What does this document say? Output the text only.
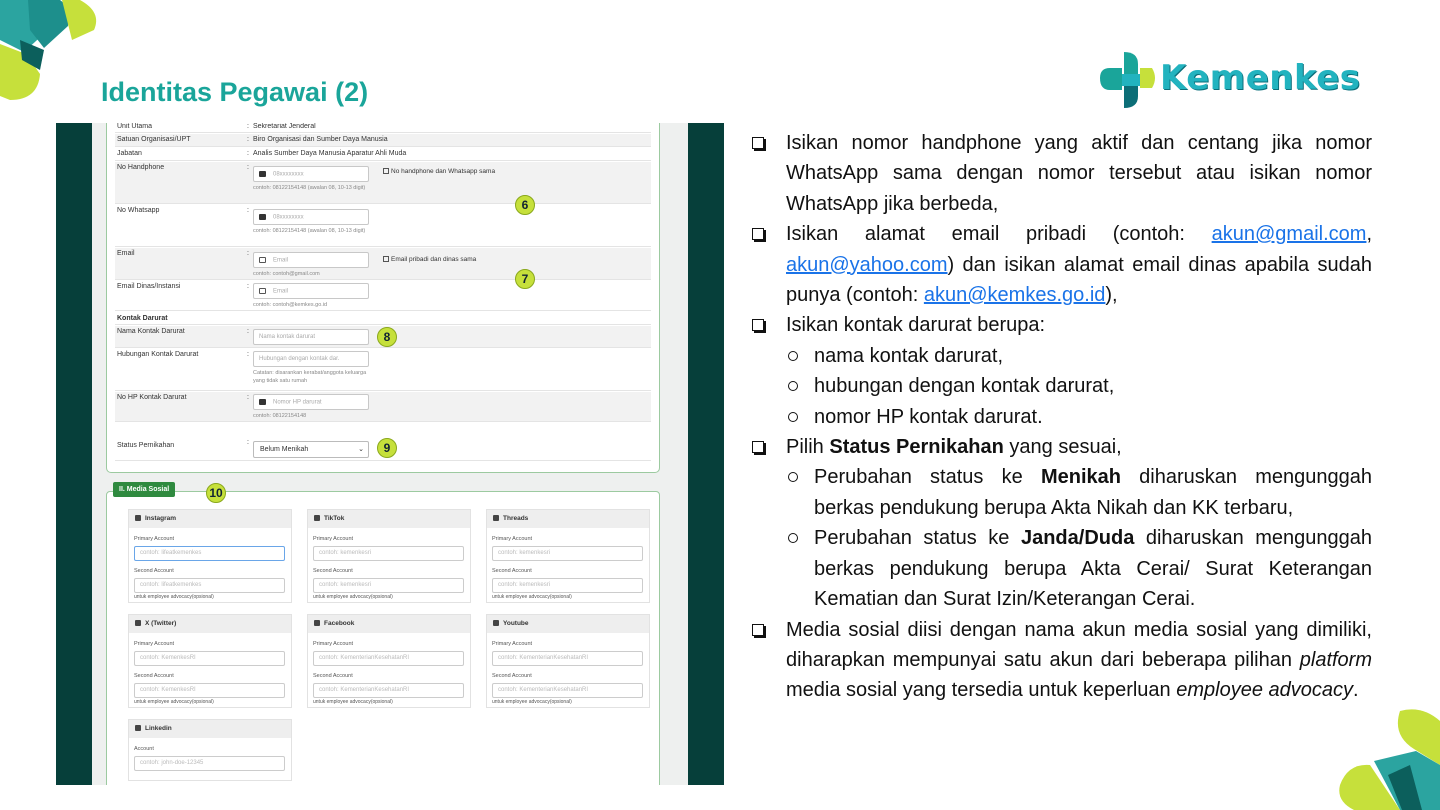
Identitas Pegawai (2)	Kemenkes
Unit Utama	: Sekretariat Jenderal
Satuan Organisasi/UPT	: Biro Organisasi dan Sumber Daya Manusia
Jabatan	: Analis Sumber Daya Manusia Aparatur Ahli Muda
No Handphone	:
08xxxxxxxx
contoh: 08122154148 (awalan 08, 10-13 digit)
No handphone dan Whatsapp sama
No Whatsapp	:
08xxxxxxxx
contoh: 08122154148 (awalan 08, 10-13 digit)
6
Email	:
Email
contoh: contoh@gmail.com
Email pribadi dan dinas sama
7
Email Dinas/Instansi	:
Email
contoh: contoh@kemkes.go.id
Kontak Darurat
Nama Kontak Darurat	:
Nama kontak darurat	8
Hubungan Kontak Darurat	:
Hubungan dengan kontak dar.
Catatan: disarankan kerabat/anggota keluarga yang tidak satu rumah
No HP Kontak Darurat	:
Nomor HP darurat
contoh: 08122154148
Status Pernikahan	:
Belum Menikah	⌄	9
II. Media Sosial	10
Instagram
Primary Account
contoh: lifeatkemenkes
Second Account
contoh: lifeatkemenkes
untuk employee advocacy(opsional)
TikTok
Primary Account
contoh: kemenkesri
Second Account
contoh: kemenkesri
untuk employee advocacy(opsional)
Threads
Primary Account
contoh: kemenkesri
Second Account
contoh: kemenkesri
untuk employee advocacy(opsional)
X (Twitter)
Primary Account
contoh: KemenkesRI
Second Account
contoh: KemenkesRI
untuk employee advocacy(opsional)
Facebook
Primary Account
contoh: KementerianKesehatanRI
Second Account
contoh: KementerianKesehatanRI
untuk employee advocacy(opsional)
Youtube
Primary Account
contoh: KementerianKesehatanRI
Second Account
contoh: KementerianKesehatanRI
untuk employee advocacy(opsional)
Linkedin
Account
contoh: john-doe-12345
Isikan nomor handphone yang aktif dan centang jika nomor WhatsApp sama dengan nomor tersebut atau isikan nomor WhatsApp jika berbeda,
Isikan alamat email pribadi (contoh: akun@gmail.com, akun@yahoo.com) dan isikan alamat email dinas apabila sudah punya (contoh: akun@kemkes.go.id),
Isikan kontak darurat berupa:
nama kontak darurat,
hubungan dengan kontak darurat,
nomor HP kontak darurat.
Pilih Status Pernikahan yang sesuai,
Perubahan status ke Menikah diharuskan mengunggah berkas pendukung berupa Akta Nikah dan KK terbaru,
Perubahan status ke Janda/Duda diharuskan mengunggah berkas pendukung berupa Akta Cerai/ Surat Keterangan Kematian dan Surat Izin/Keterangan Cerai.
Media sosial diisi dengan nama akun media sosial yang dimiliki, diharapkan mempunyai satu akun dari beberapa pilihan platform media sosial yang tersedia untuk keperluan employee advocacy.
